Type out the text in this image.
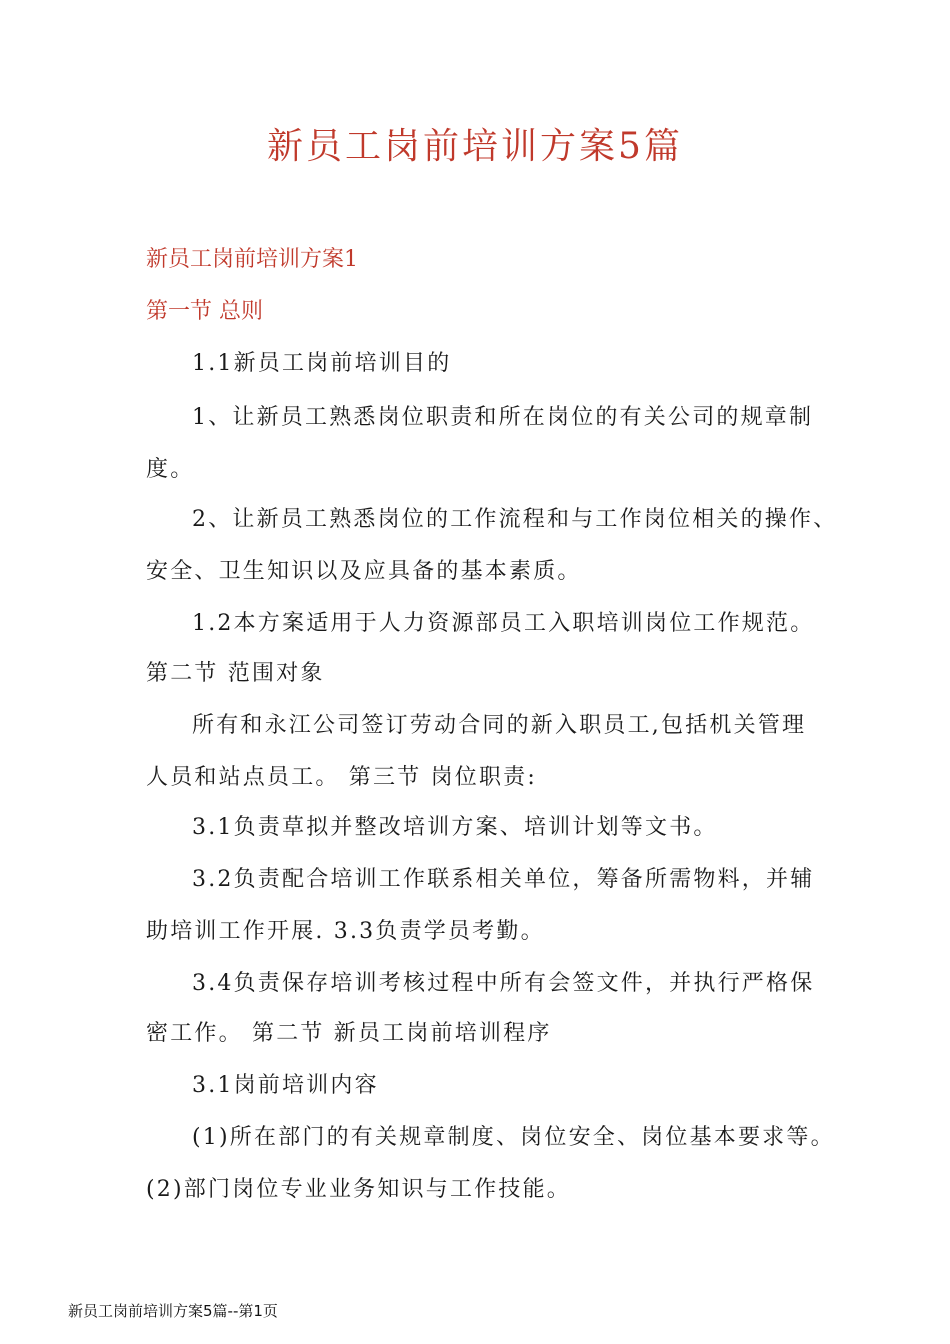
新员工岗前培训方案5篇
新员工岗前培训方案1
第一节 总则
1.1新员工岗前培训目的
1、让新员工熟悉岗位职责和所在岗位的有关公司的规章制
度。
2、让新员工熟悉岗位的工作流程和与工作岗位相关的操作、
安全、卫生知识以及应具备的基本素质。
1.2本方案适用于人力资源部员工入职培训岗位工作规范。
第二节 范围对象
所有和永江公司签订劳动合同的新入职员工,包括机关管理
人员和站点员工。 第三节 岗位职责:
3.1负责草拟并整改培训方案、培训计划等文书。
3.2负责配合培训工作联系相关单位，筹备所需物料，并辅
助培训工作开展. 3.3负责学员考勤。
3.4负责保存培训考核过程中所有会签文件，并执行严格保
密工作。 第二节 新员工岗前培训程序
3.1岗前培训内容
(1)所在部门的有关规章制度、岗位安全、岗位基本要求等。
(2)部门岗位专业业务知识与工作技能。
新员工岗前培训方案5篇--第1页
